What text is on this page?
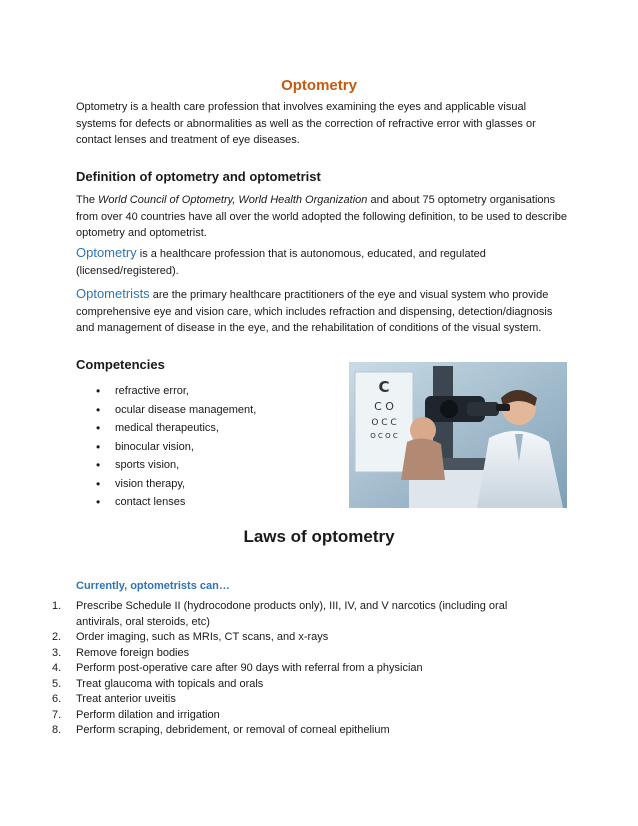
Optometry

Optometry is a health care profession that involves examining the eyes and applicable visual systems for defects or abnormalities as well as the correction of refractive error with glasses or contact lenses and treatment of eye diseases.

Definition of optometry and optometrist

The World Council of Optometry, World Health Organization and about 75 optometry organisations from over 40 countries have all over the world adopted the following definition, to be used to describe optometry and optometrist.

Optometry is a healthcare profession that is autonomous, educated, and regulated (licensed/registered).

Optometrists are the primary healthcare practitioners of the eye and visual system who provide comprehensive eye and vision care, which includes refraction and dispensing, detection/diagnosis and management of disease in the eye, and the rehabilitation of conditions of the visual system.

Competencies

• refractive error,
• ocular disease management,
• medical therapeutics,
• binocular vision,
• sports vision,
• vision therapy,
• contact lenses
C
C O
O C C
O C O C
Laws of optometry
Currently, optometrists can…
1. Prescribe Schedule II (hydrocodone products only), III, IV, and V narcotics (including oral antivirals, oral steroids, etc)
2. Order imaging, such as MRIs, CT scans, and x-rays
3. Remove foreign bodies
4. Perform post-operative care after 90 days with referral from a physician
5. Treat glaucoma with topicals and orals
6. Treat anterior uveitis
7. Perform dilation and irrigation
8. Perform scraping, debridement, or removal of corneal epithelium
